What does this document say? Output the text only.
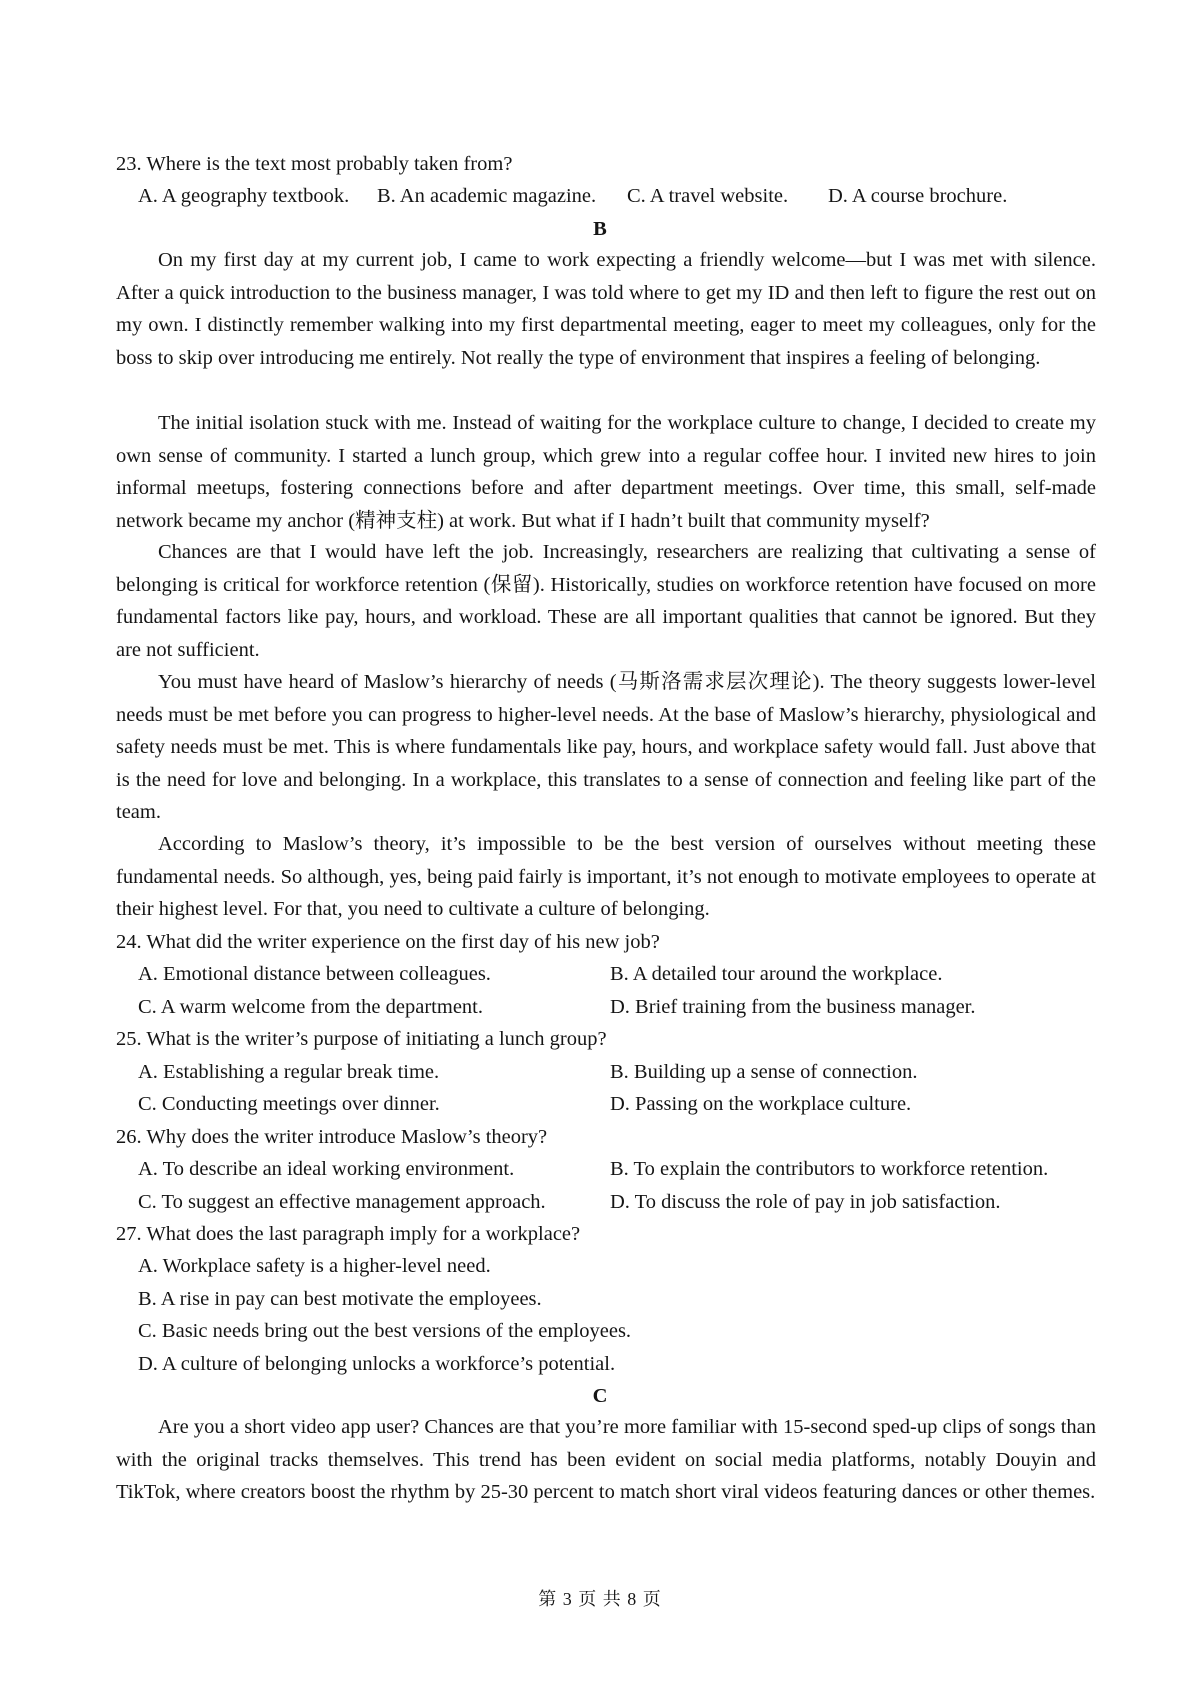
23. Where is the text most probably taken from?
A. A geography textbook. B. An academic magazine. C. A travel website. D. A course brochure.
B
On my first day at my current job, I came to work expecting a friendly welcome—but I was met with silence. After a quick introduction to the business manager, I was told where to get my ID and then left to figure the rest out on my own. I distinctly remember walking into my first departmental meeting, eager to meet my colleagues, only for the boss to skip over introducing me entirely. Not really the type of environment that inspires a feeling of belonging.
The initial isolation stuck with me. Instead of waiting for the workplace culture to change, I decided to create my own sense of community. I started a lunch group, which grew into a regular coffee hour. I invited new hires to join informal meetups, fostering connections before and after department meetings. Over time, this small, self-made network became my anchor (精神支柱) at work. But what if I hadn’t built that community myself?
Chances are that I would have left the job. Increasingly, researchers are realizing that cultivating a sense of belonging is critical for workforce retention (保留). Historically, studies on workforce retention have focused on more fundamental factors like pay, hours, and workload. These are all important qualities that cannot be ignored. But they are not sufficient.
You must have heard of Maslow’s hierarchy of needs (马斯洛需求层次理论). The theory suggests lower-level needs must be met before you can progress to higher-level needs. At the base of Maslow’s hierarchy, physiological and safety needs must be met. This is where fundamentals like pay, hours, and workplace safety would fall. Just above that is the need for love and belonging. In a workplace, this translates to a sense of connection and feeling like part of the team.
According to Maslow’s theory, it’s impossible to be the best version of ourselves without meeting these fundamental needs. So although, yes, being paid fairly is important, it’s not enough to motivate employees to operate at their highest level. For that, you need to cultivate a culture of belonging.
24. What did the writer experience on the first day of his new job?
A. Emotional distance between colleagues.	B. A detailed tour around the workplace.
C. A warm welcome from the department.	D. Brief training from the business manager.
25. What is the writer’s purpose of initiating a lunch group?
A. Establishing a regular break time.	B. Building up a sense of connection.
C. Conducting meetings over dinner.	D. Passing on the workplace culture.
26. Why does the writer introduce Maslow’s theory?
A. To describe an ideal working environment.	B. To explain the contributors to workforce retention.
C. To suggest an effective management approach.	D. To discuss the role of pay in job satisfaction.
27. What does the last paragraph imply for a workplace?
A. Workplace safety is a higher-level need.
B. A rise in pay can best motivate the employees.
C. Basic needs bring out the best versions of the employees.
D. A culture of belonging unlocks a workforce’s potential.
C
Are you a short video app user? Chances are that you’re more familiar with 15-second sped-up clips of songs than with the original tracks themselves. This trend has been evident on social media platforms, notably Douyin and TikTok, where creators boost the rhythm by 25-30 percent to match short viral videos featuring dances or other themes.
第 3 页 共 8 页
